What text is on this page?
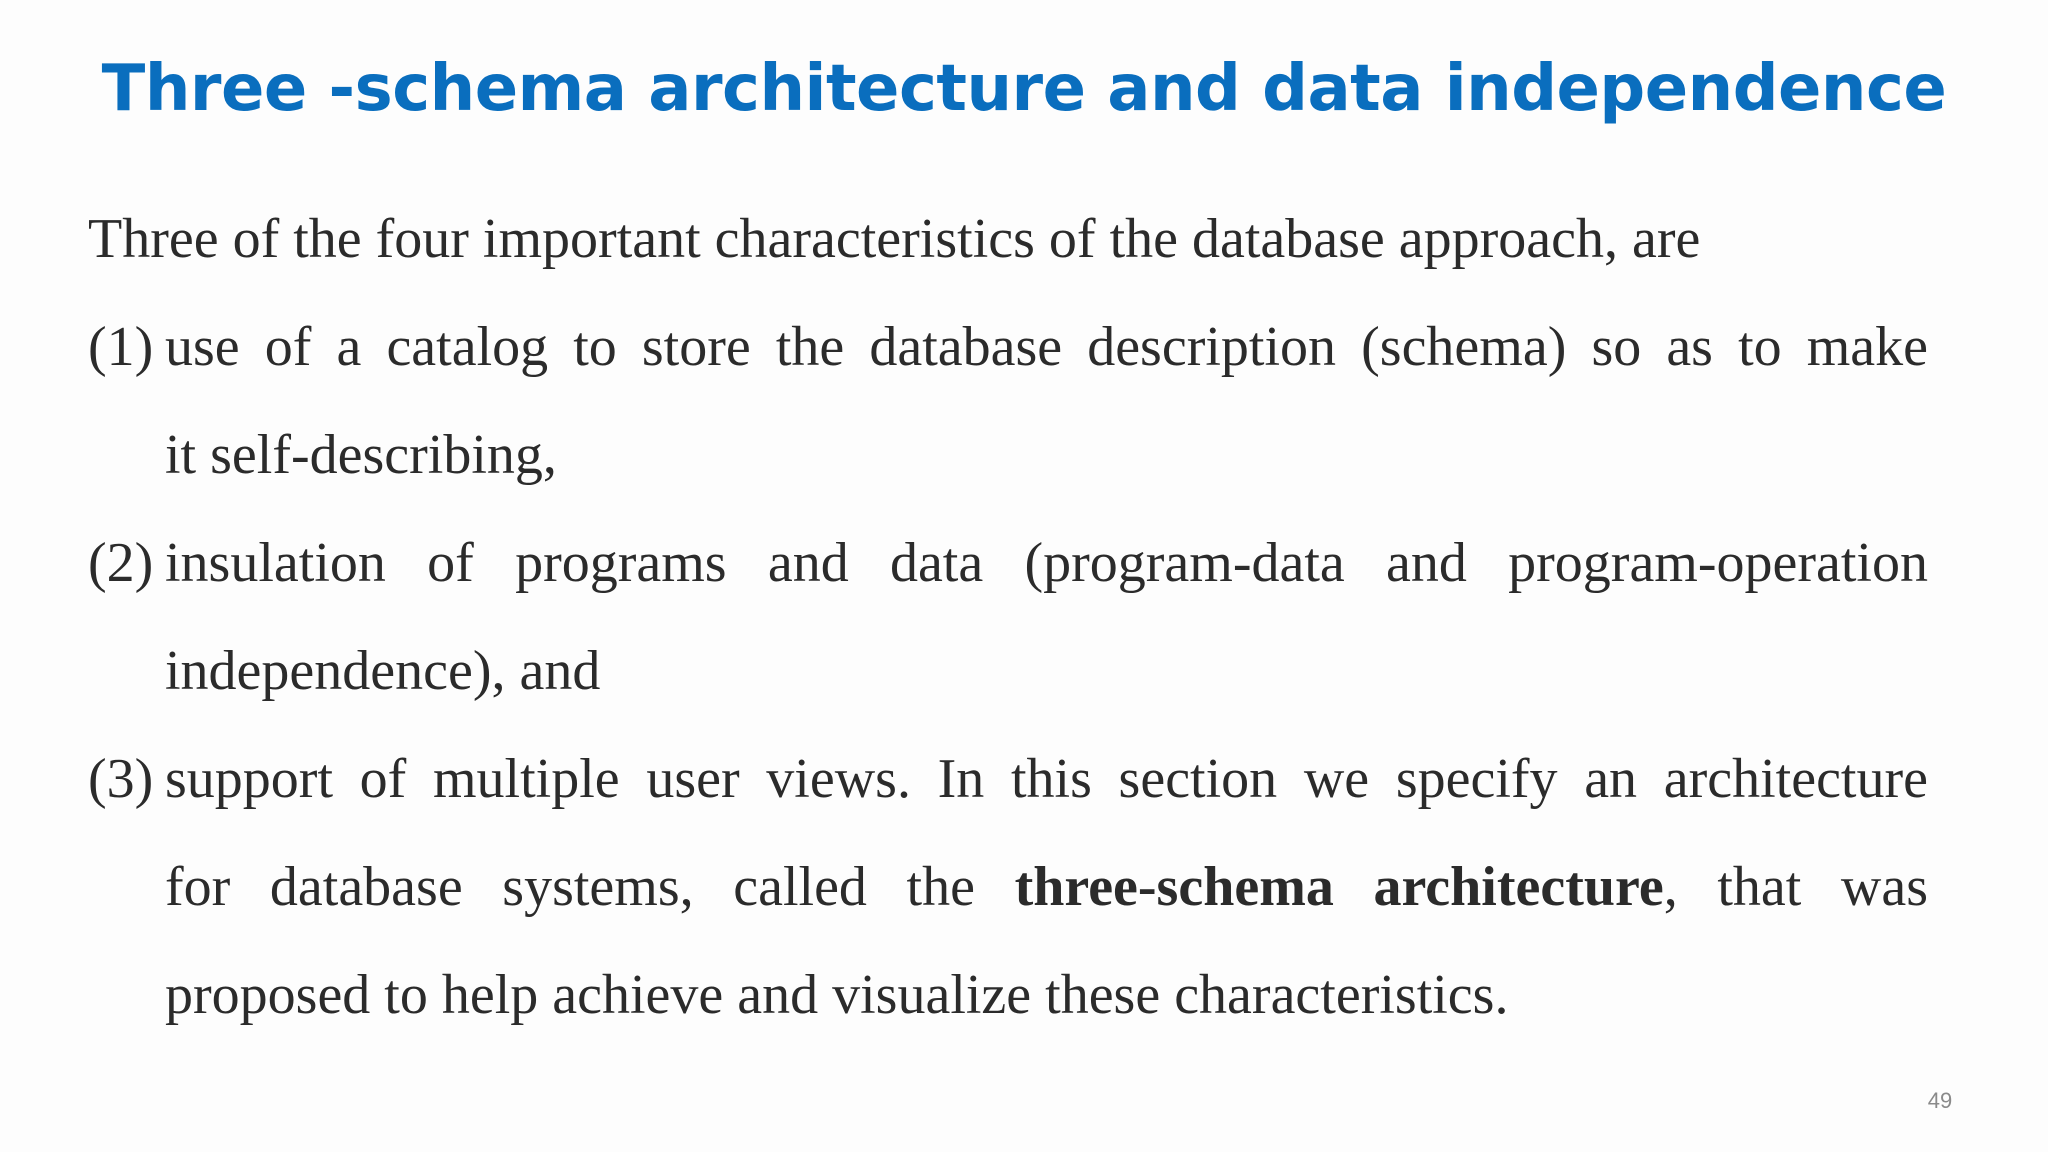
Three -schema architecture and data independence
Three of the four important characteristics of the database approach, are
(1) use of a catalog to store the database description (schema) so as to make
it self-describing,
(2) insulation of programs and data (program-data and program-operation
independence), and
(3) support of multiple user views. In this section we specify an architecture
for database systems, called the three-schema architecture, that was
proposed to help achieve and visualize these characteristics.
49
